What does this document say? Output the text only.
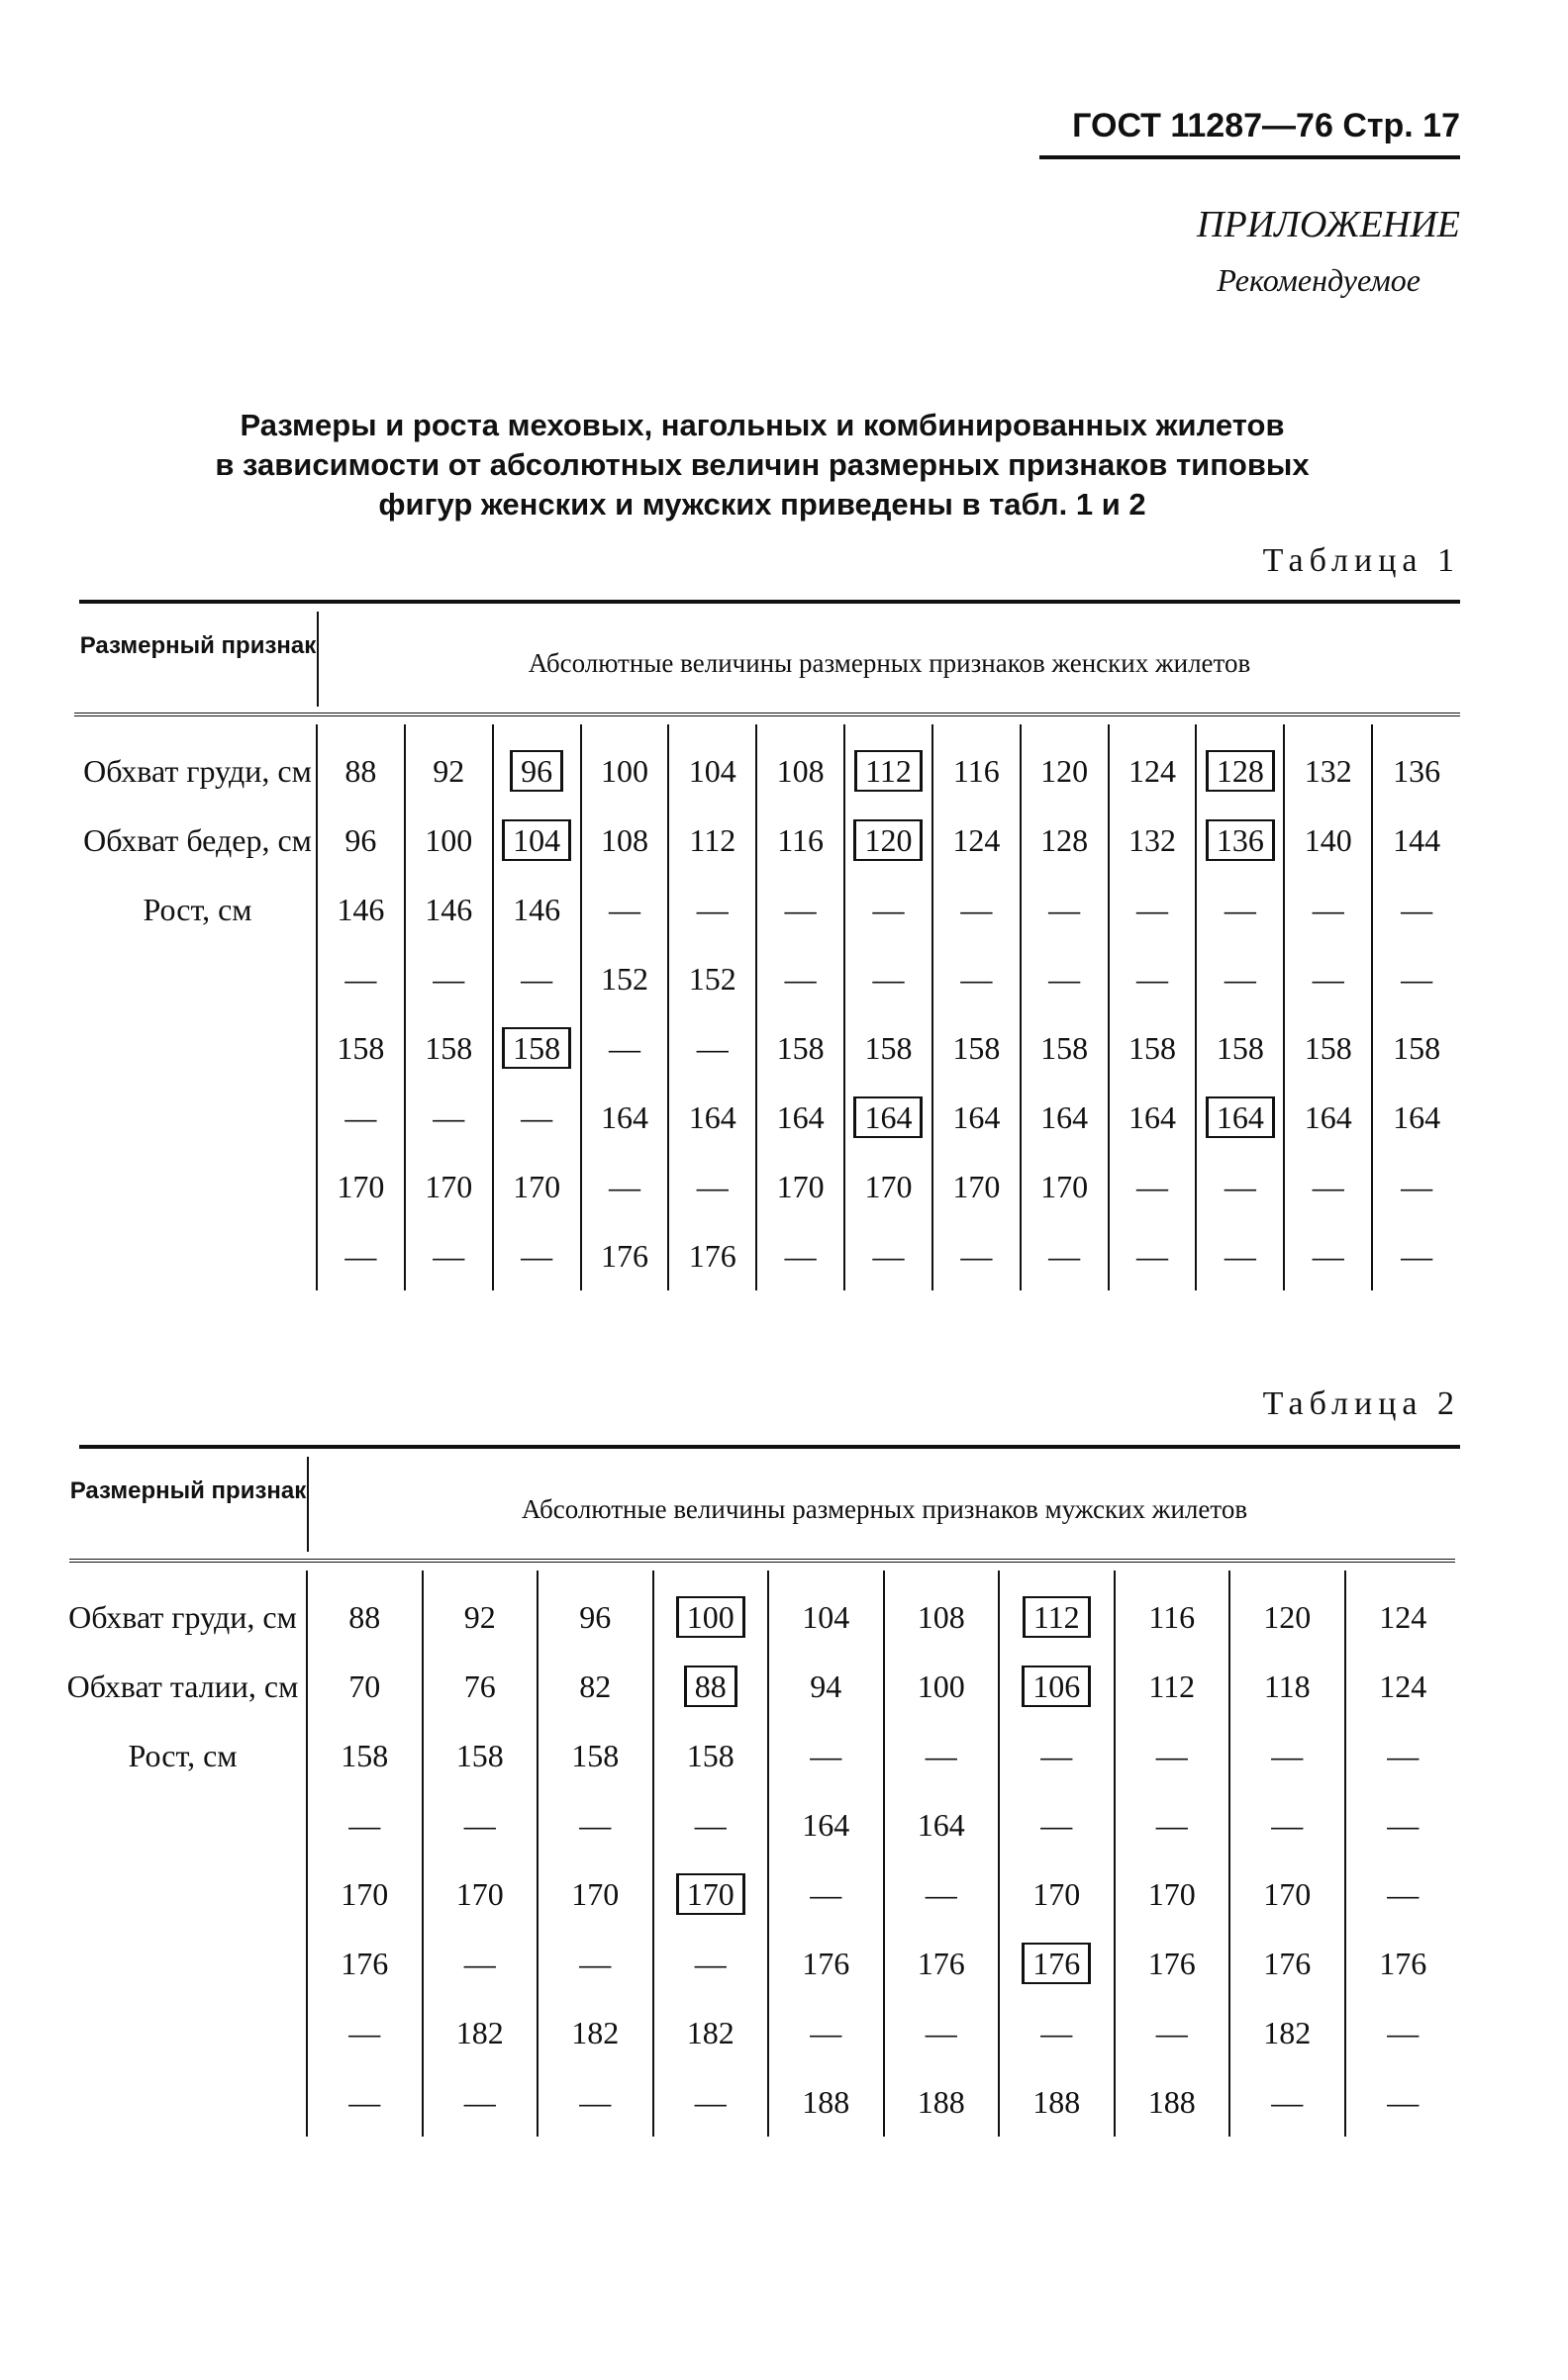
ГОСТ 11287—76 Стр. 17
ПРИЛОЖЕНИЕ
Рекомендуемое
Размеры и роста меховых, нагольных и комбинированных жилетов
в зависимости от абсолютных величин размерных признаков типовых
фигур женских и мужских приведены в табл. 1 и 2
Таблица 1
Размерный признак
Абсолютные величины размерных признаков женских жилетов
Обхват груди, см	88	92	96	100	104	108	112	116	120	124	128	132	136
Обхват бедер, см	96	100	104	108	112	116	120	124	128	132	136	140	144
Рост, см	146	146	146	—	—	—	—	—	—	—	—	—	—
	—	—	—	152	152	—	—	—	—	—	—	—	—
	158	158	158	—	—	158	158	158	158	158	158	158	158
	—	—	—	164	164	164	164	164	164	164	164	164	164
	170	170	170	—	—	170	170	170	170	—	—	—	—
	—	—	—	176	176	—	—	—	—	—	—	—	—
Таблица 2
Размерный признак
Абсолютные величины размерных признаков мужских жилетов
Обхват груди, см	88	92	96	100	104	108	112	116	120	124
Обхват талии, см	70	76	82	88	94	100	106	112	118	124
Рост, см	158	158	158	158	—	—	—	—	—	—
	—	—	—	—	164	164	—	—	—	—
	170	170	170	170	—	—	170	170	170	—
	176	—	—	—	176	176	176	176	176	176
	—	182	182	182	—	—	—	—	182	—
	—	—	—	—	188	188	188	188	—	—
